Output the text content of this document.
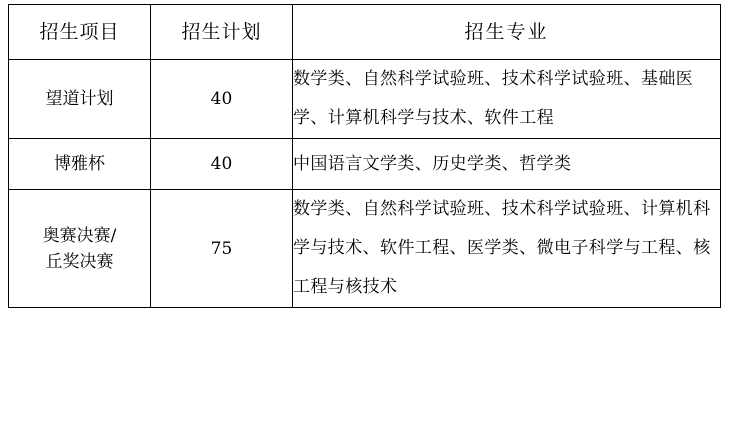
招生项目	招生计划	招生专业

望道计划	40	数学类、自然科学试验班、技术科学试验班、基础医学、计算机科学与技术、软件工程

博雅杯	40	中国语言文学类、历史学类、哲学类

奥赛决赛/
丘奖决赛	75	数学类、自然科学试验班、技术科学试验班、计算机科学与技术、软件工程、医学类、微电子科学与工程、核工程与核技术
